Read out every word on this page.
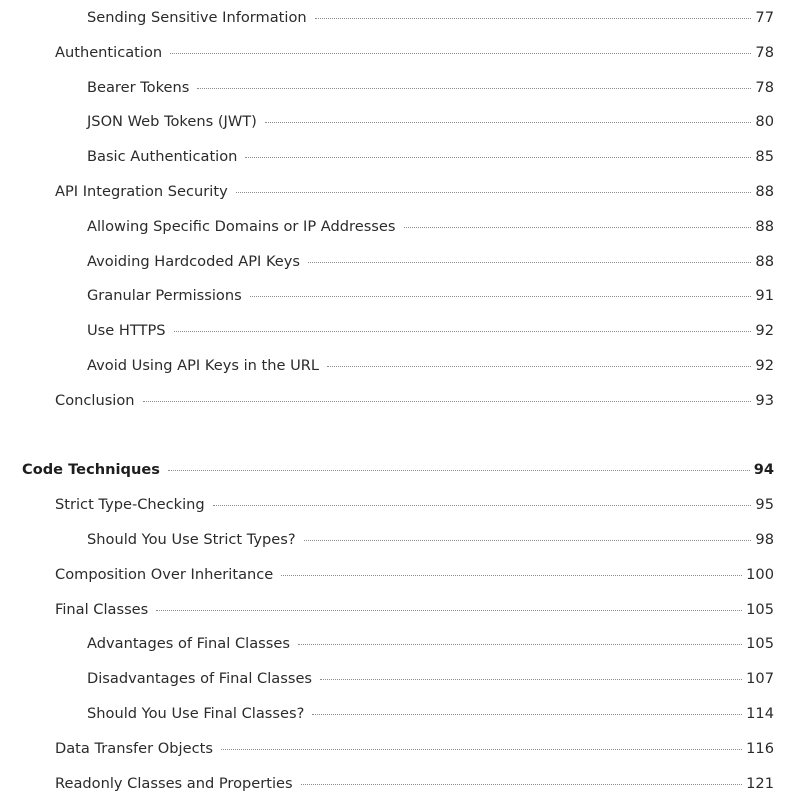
Sending Sensitive Information	77
Authentication	78
Bearer Tokens	78
JSON Web Tokens (JWT)	80
Basic Authentication	85
API Integration Security	88
Allowing Specific Domains or IP Addresses	88
Avoiding Hardcoded API Keys	88
Granular Permissions	91
Use HTTPS	92
Avoid Using API Keys in the URL	92
Conclusion	93
Code Techniques	94
Strict Type-Checking	95
Should You Use Strict Types?	98
Composition Over Inheritance	100
Final Classes	105
Advantages of Final Classes	105
Disadvantages of Final Classes	107
Should You Use Final Classes?	114
Data Transfer Objects	116
Readonly Classes and Properties	121
